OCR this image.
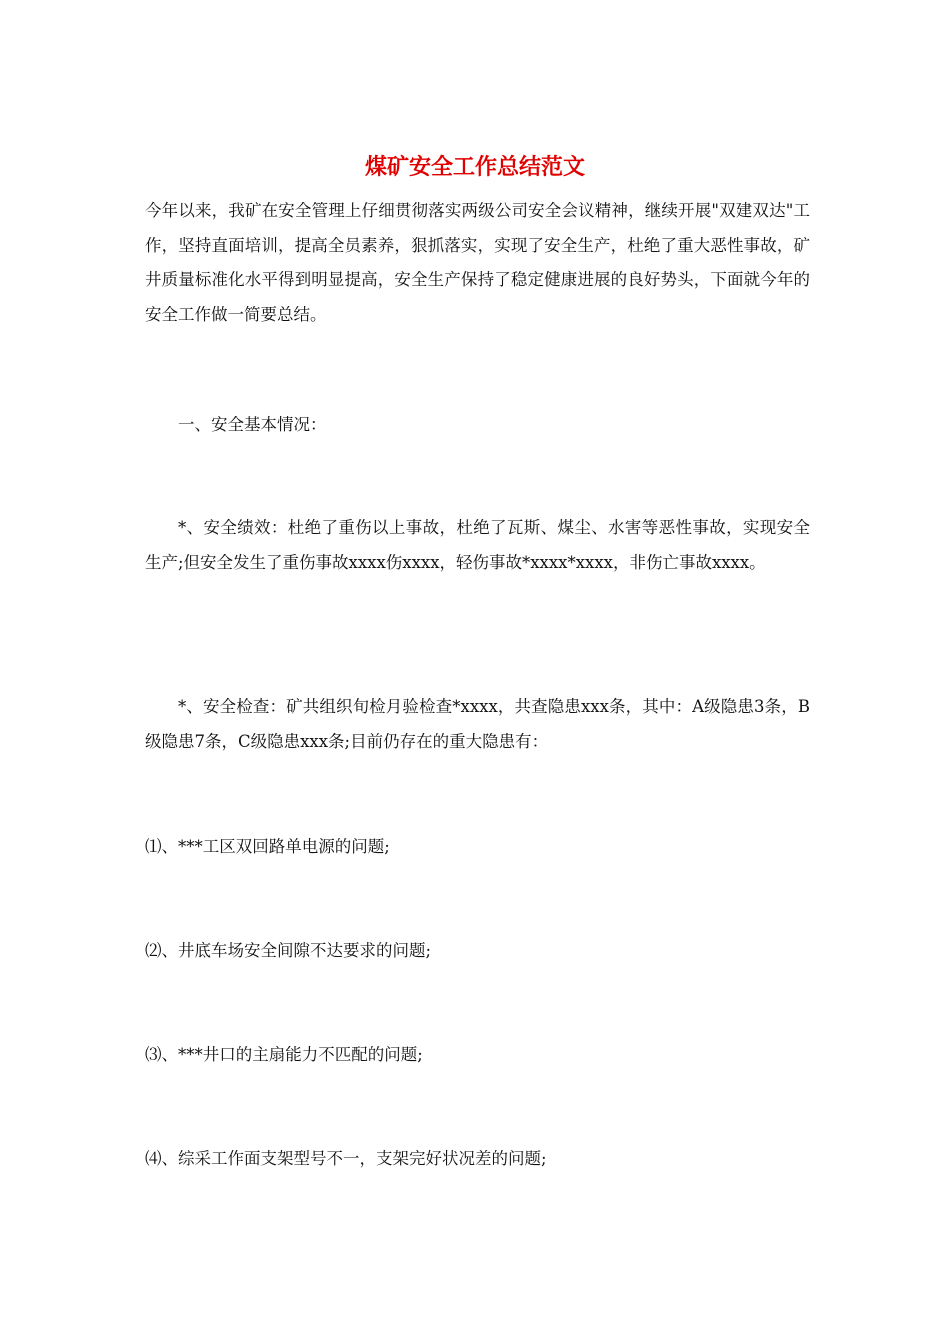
煤矿安全工作总结范文

今年以来，我矿在安全管理上仔细贯彻落实两级公司安全会议精神，继续开展"双建双达"工作，坚持直面培训，提高全员素养，狠抓落实，实现了安全生产，杜绝了重大恶性事故，矿井质量标准化水平得到明显提高，安全生产保持了稳定健康进展的良好势头，下面就今年的安全工作做一简要总结。

一、安全基本情况：

*、安全绩效：杜绝了重伤以上事故，杜绝了瓦斯、煤尘、水害等恶性事故，实现安全生产;但安全发生了重伤事故xxxx伤xxxx，轻伤事故*xxxx*xxxx，非伤亡事故xxxx。

*、安全检查：矿共组织旬检月验检查*xxxx，共查隐患xxx条，其中：A级隐患3条，B级隐患7条，C级隐患xxx条;目前仍存在的重大隐患有：

⑴、***工区双回路单电源的问题;

⑵、井底车场安全间隙不达要求的问题;

⑶、***井口的主扇能力不匹配的问题;

⑷、综采工作面支架型号不一，支架完好状况差的问题;
